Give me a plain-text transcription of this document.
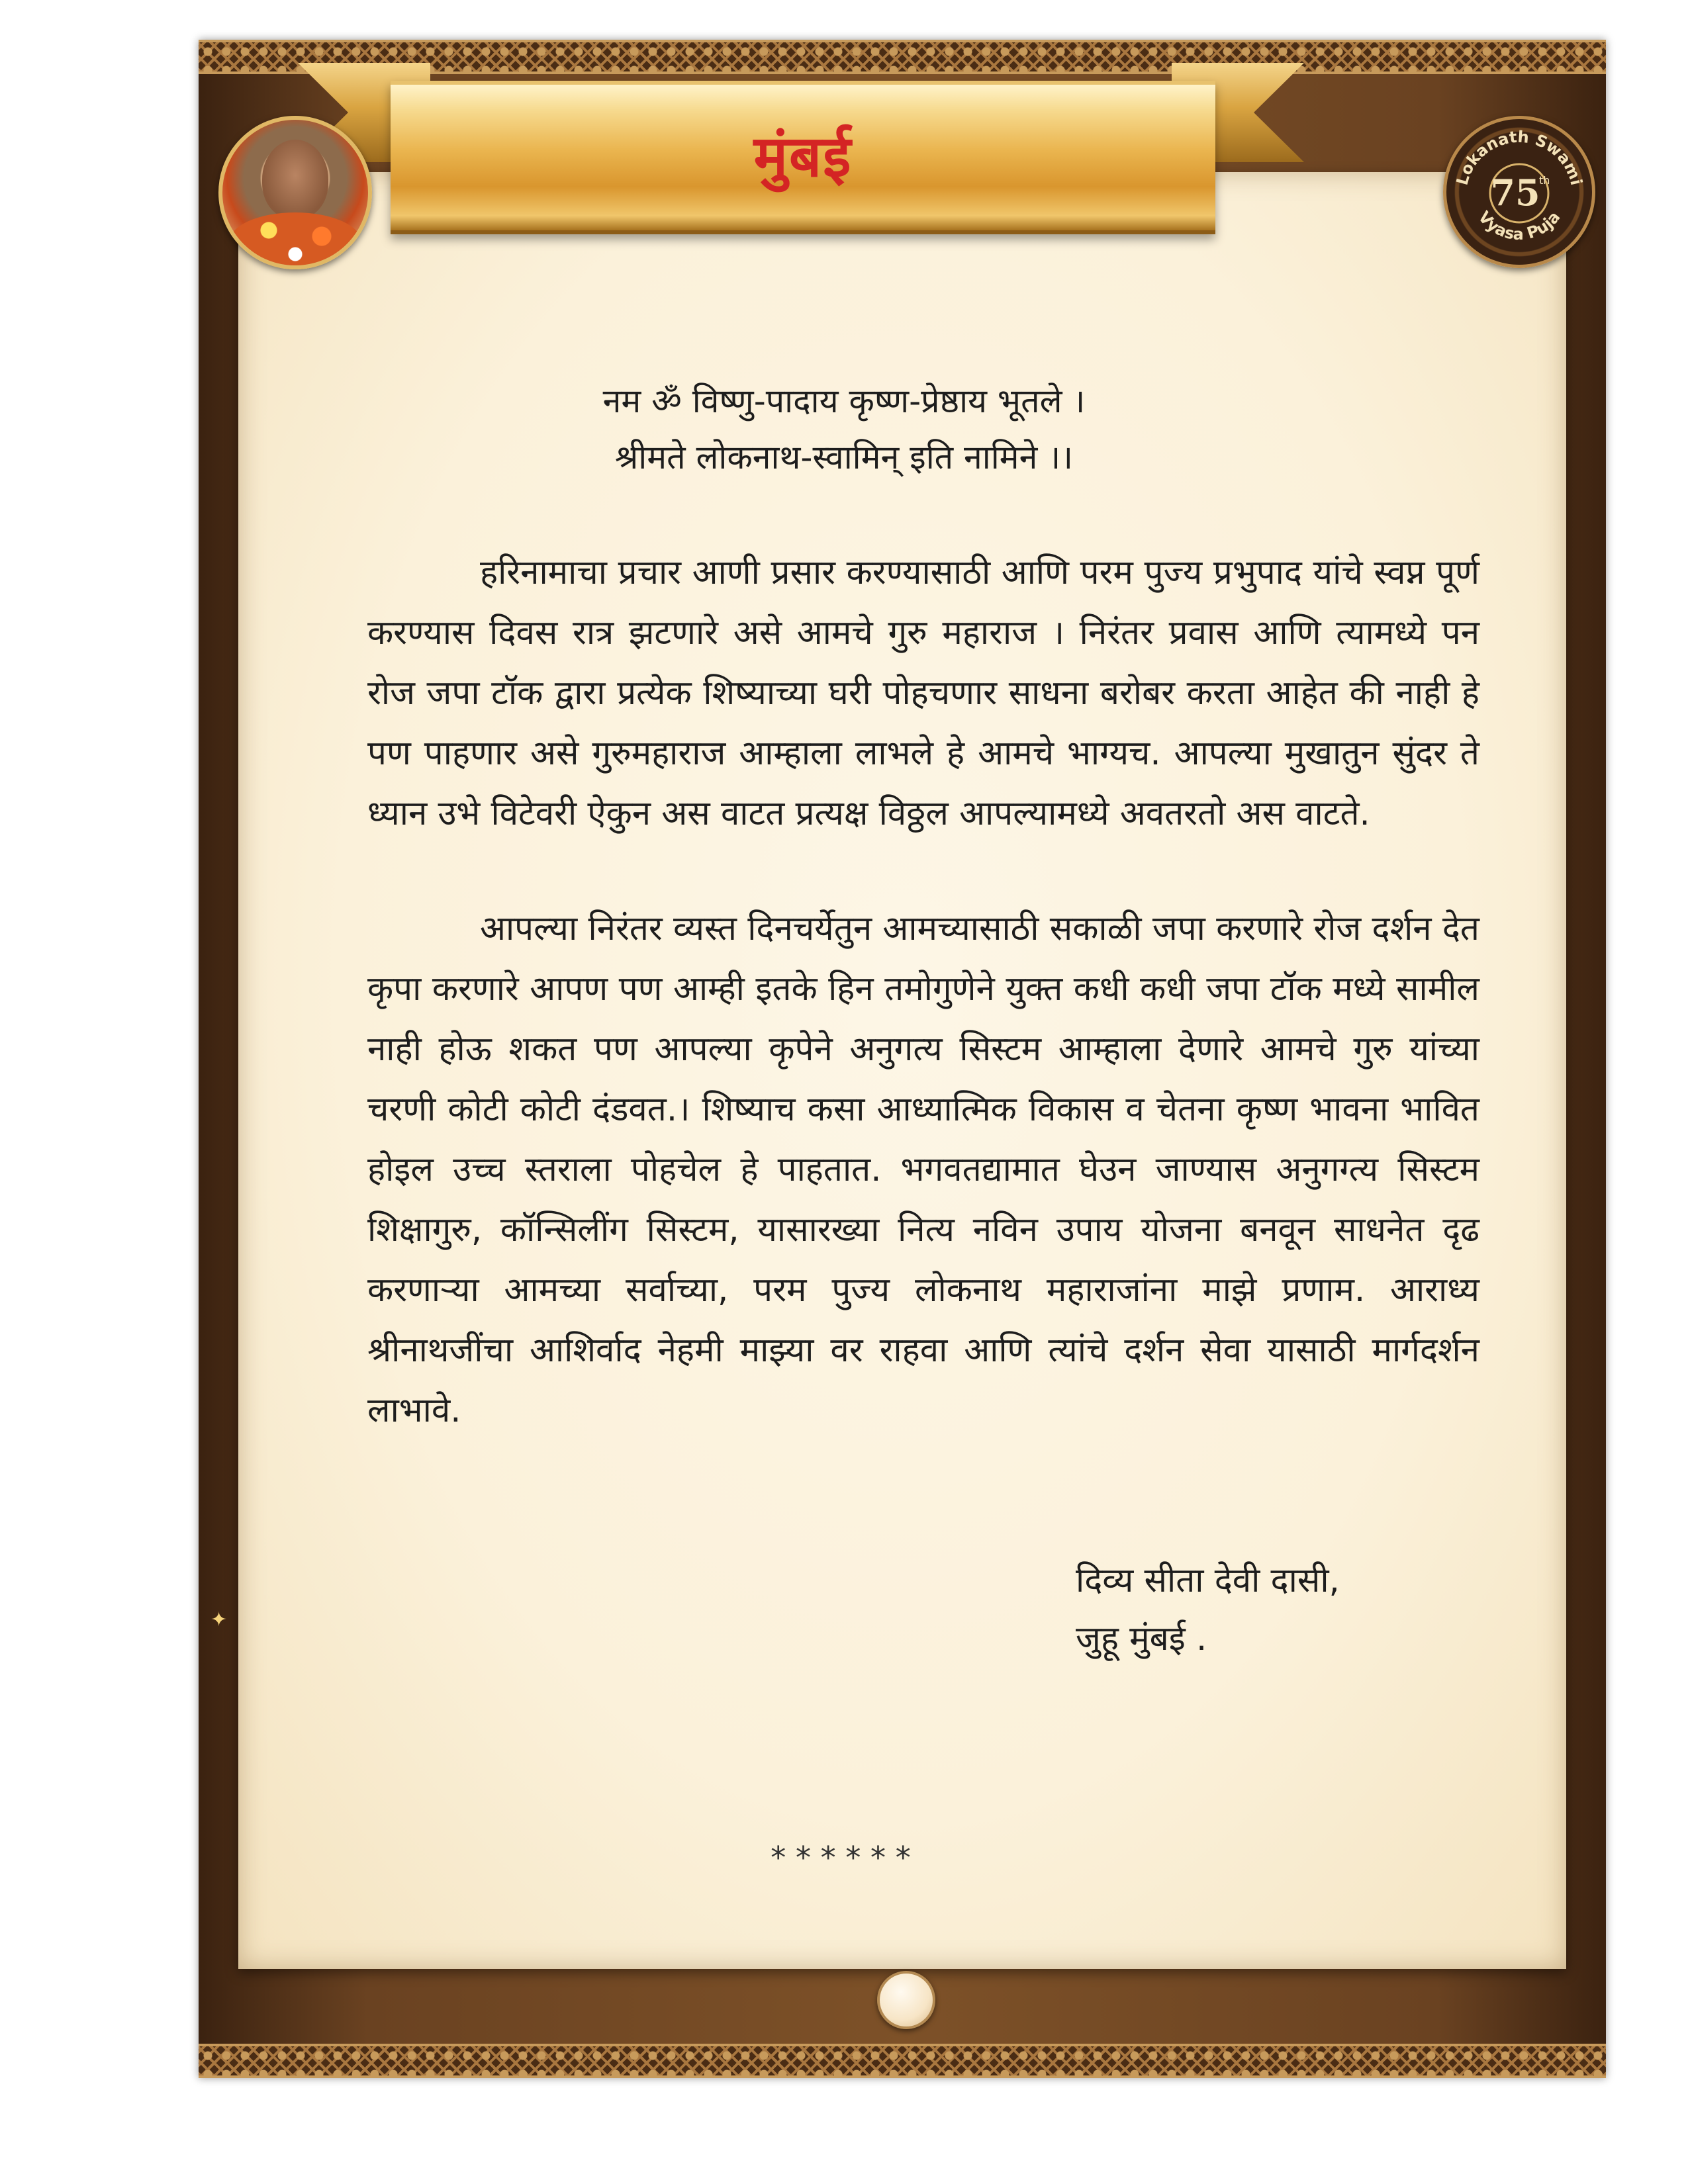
मुंबई	Lokanath Swami
75
th
Vyasa Puja
नम ॐ विष्णु-पादाय कृष्ण-प्रेष्ठाय भूतले ।
श्रीमते लोकनाथ-स्वामिन् इति नामिने ।।
हरिनामाचा प्रचार आणी प्रसार करण्यासाठी आणि परम पुज्य प्रभुपाद यांचे स्वप्न पूर्ण करण्यास दिवस रात्र झटणारे असे आमचे गुरु महाराज । निरंतर प्रवास आणि त्यामध्ये पन रोज जपा टॉक द्वारा प्रत्येक शिष्याच्या घरी पोहचणार साधना बरोबर करता आहेत की नाही हे पण पाहणार असे गुरुमहाराज आम्हाला लाभले हे आमचे भाग्यच. आपल्या मुखातुन सुंदर ते ध्यान उभे विटेवरी ऐकुन अस वाटत प्रत्यक्ष विठ्ठल आपल्यामध्ये अवतरतो अस वाटते.
आपल्या निरंतर व्यस्त दिनचर्येतुन आमच्यासाठी सकाळी जपा करणारे रोज दर्शन देत कृपा करणारे आपण पण आम्ही इतके हिन तमोगुणेने युक्त कधी कधी जपा टॉक मध्ये सामील नाही होऊ शकत पण आपल्या कृपेने अनुगत्य सिस्टम आम्हाला देणारे आमचे गुरु यांच्या चरणी कोटी कोटी दंडवत.। शिष्याच कसा आध्यात्मिक विकास व चेतना कृष्ण भावना भावित होइल उच्च स्तराला पोहचेल हे पाहतात. भगवतद्यामात घेउन जाण्यास अनुगग्त्य सिस्टम शिक्षागुरु, कॉन्सिलींग सिस्टम, यासारख्या नित्य नविन उपाय योजना बनवून साधनेत दृढ करणाऱ्या आमच्या सर्वाच्या, परम पुज्य लोकनाथ महाराजांना माझे प्रणाम. आराध्य श्रीनाथजींचा आशिर्वाद नेहमी माझ्या वर राहवा आणि त्यांचे दर्शन सेवा यासाठी मार्गदर्शन लाभावे.
दिव्य सीता देवी दासी,
जुहू मुंबई .
******
✦
